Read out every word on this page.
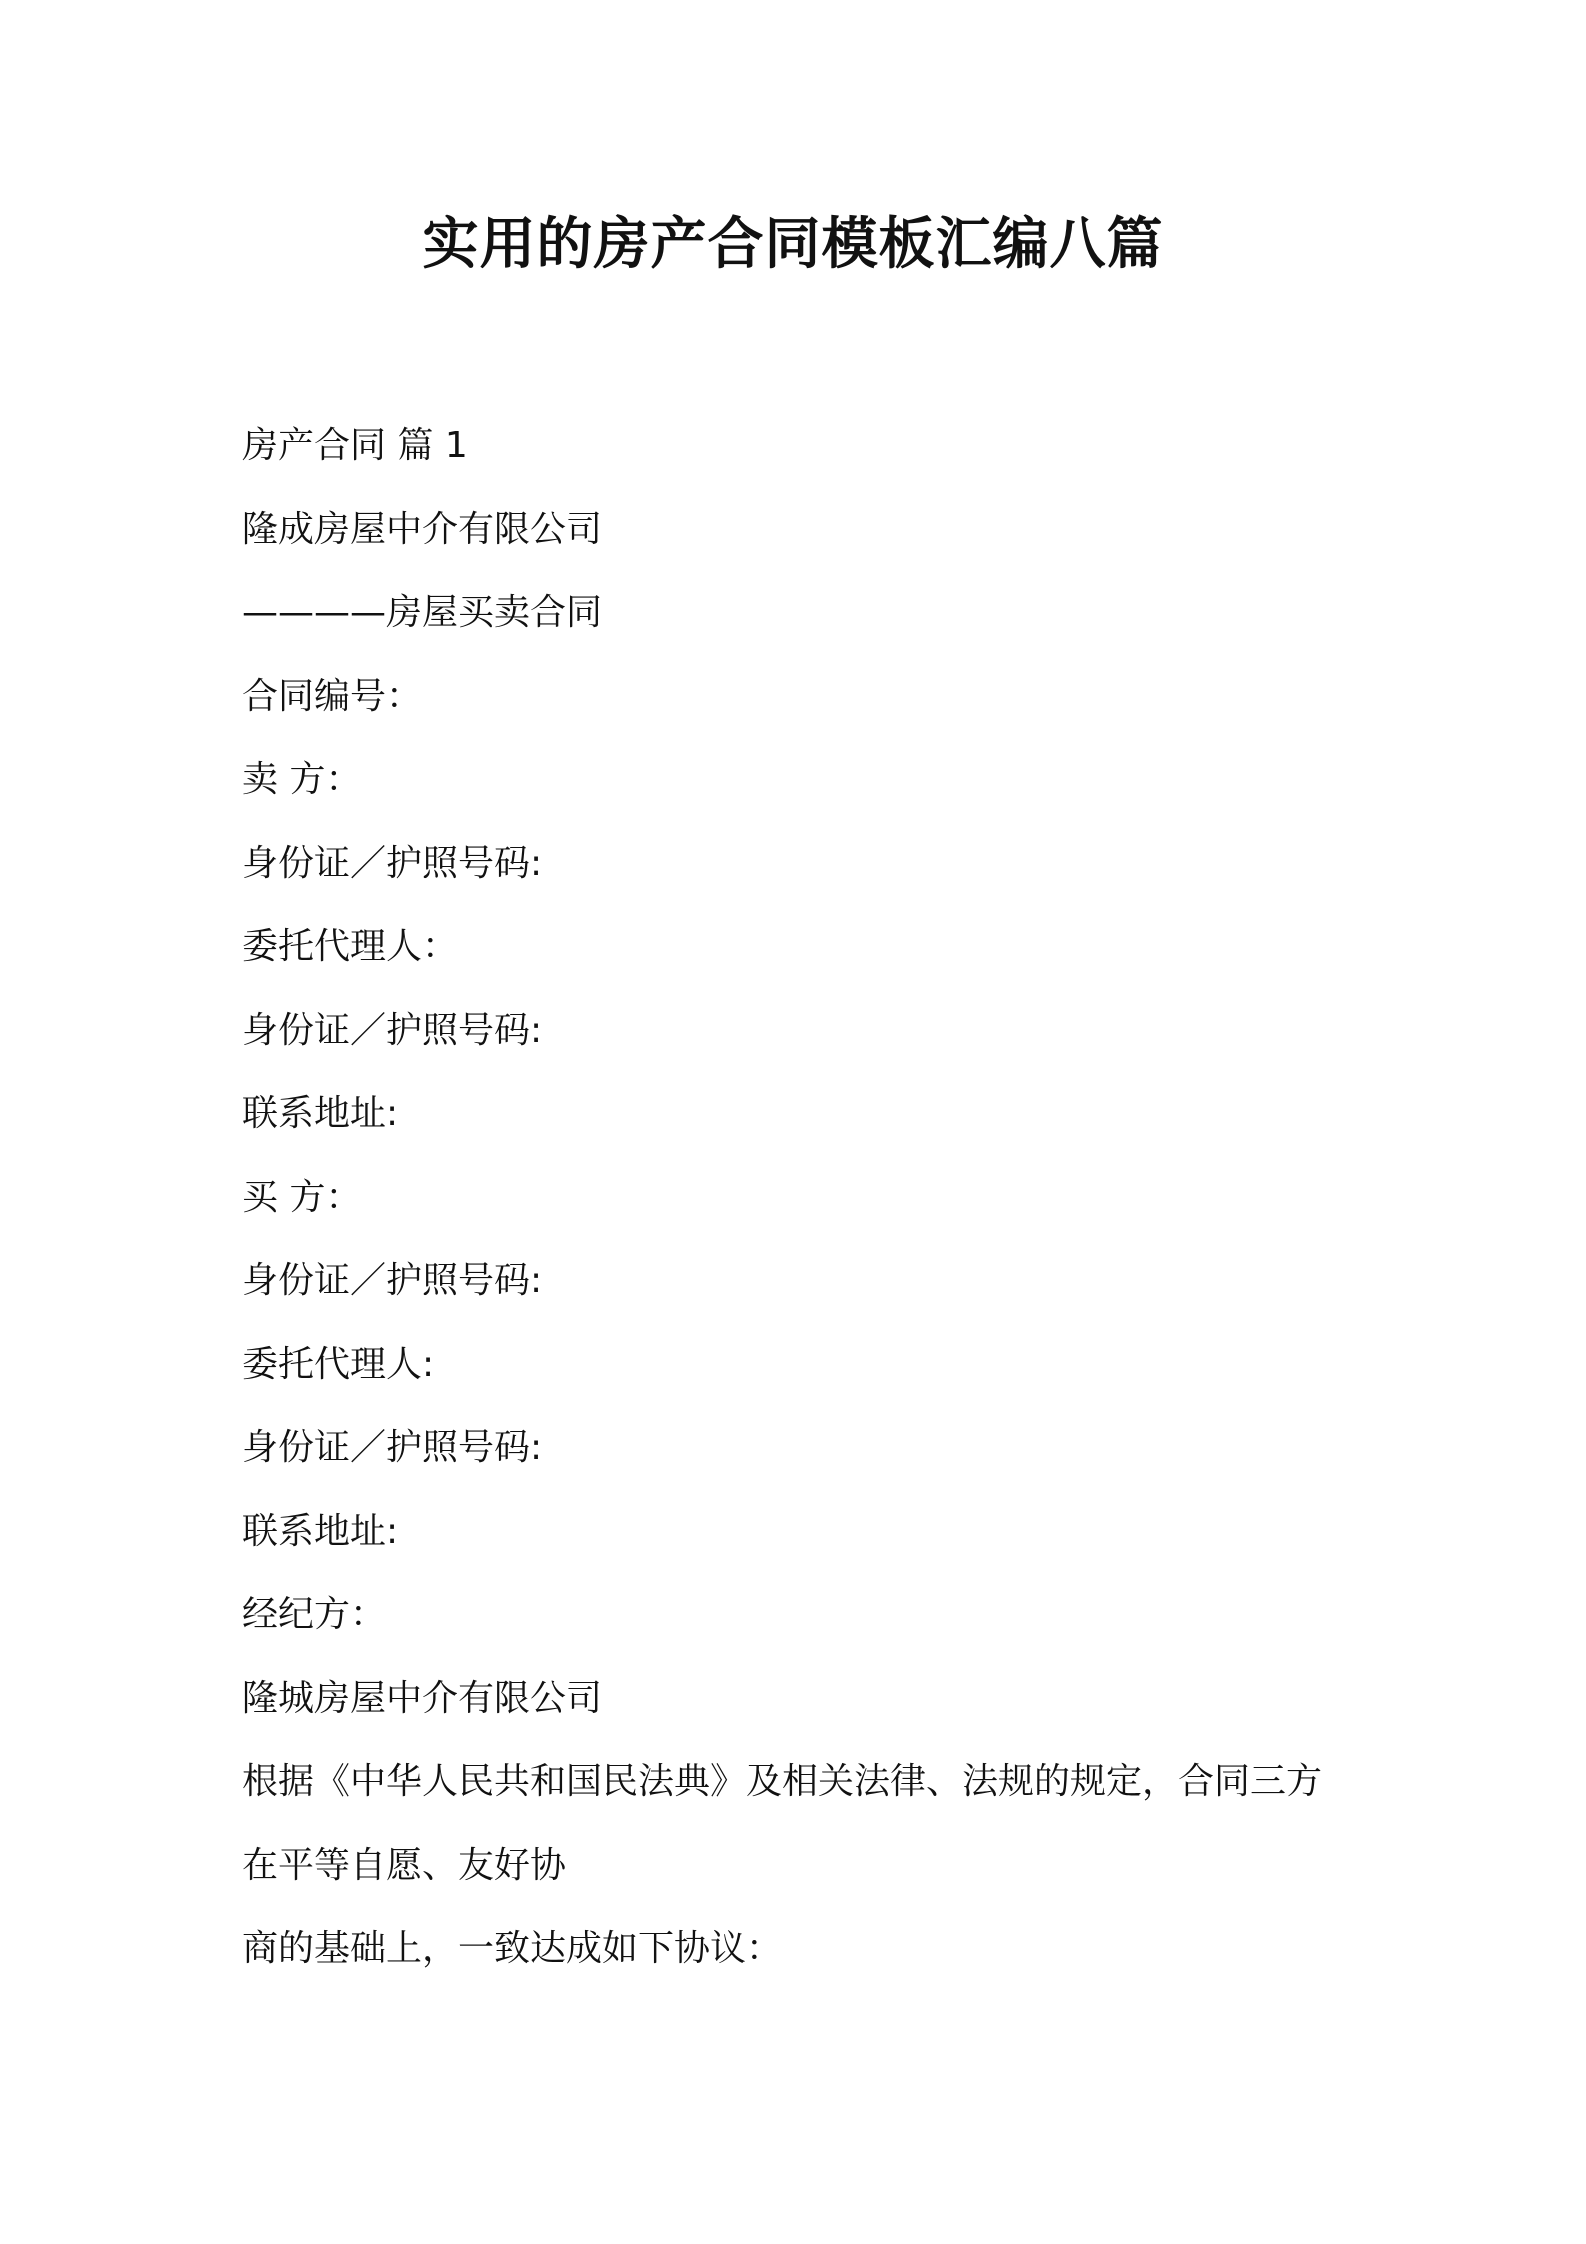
实用的房产合同模板汇编八篇
房产合同 篇 1
隆成房屋中介有限公司
————房屋买卖合同
合同编号：
卖 方：
身份证／护照号码:
委托代理人：
身份证／护照号码:
联系地址:
买 方：
身份证／护照号码:
委托代理人:
身份证／护照号码:
联系地址:
经纪方：
隆城房屋中介有限公司
根据《中华人民共和国民法典》及相关法律、法规的规定，合同三方
在平等自愿、友好协
商的基础上，一致达成如下协议：
